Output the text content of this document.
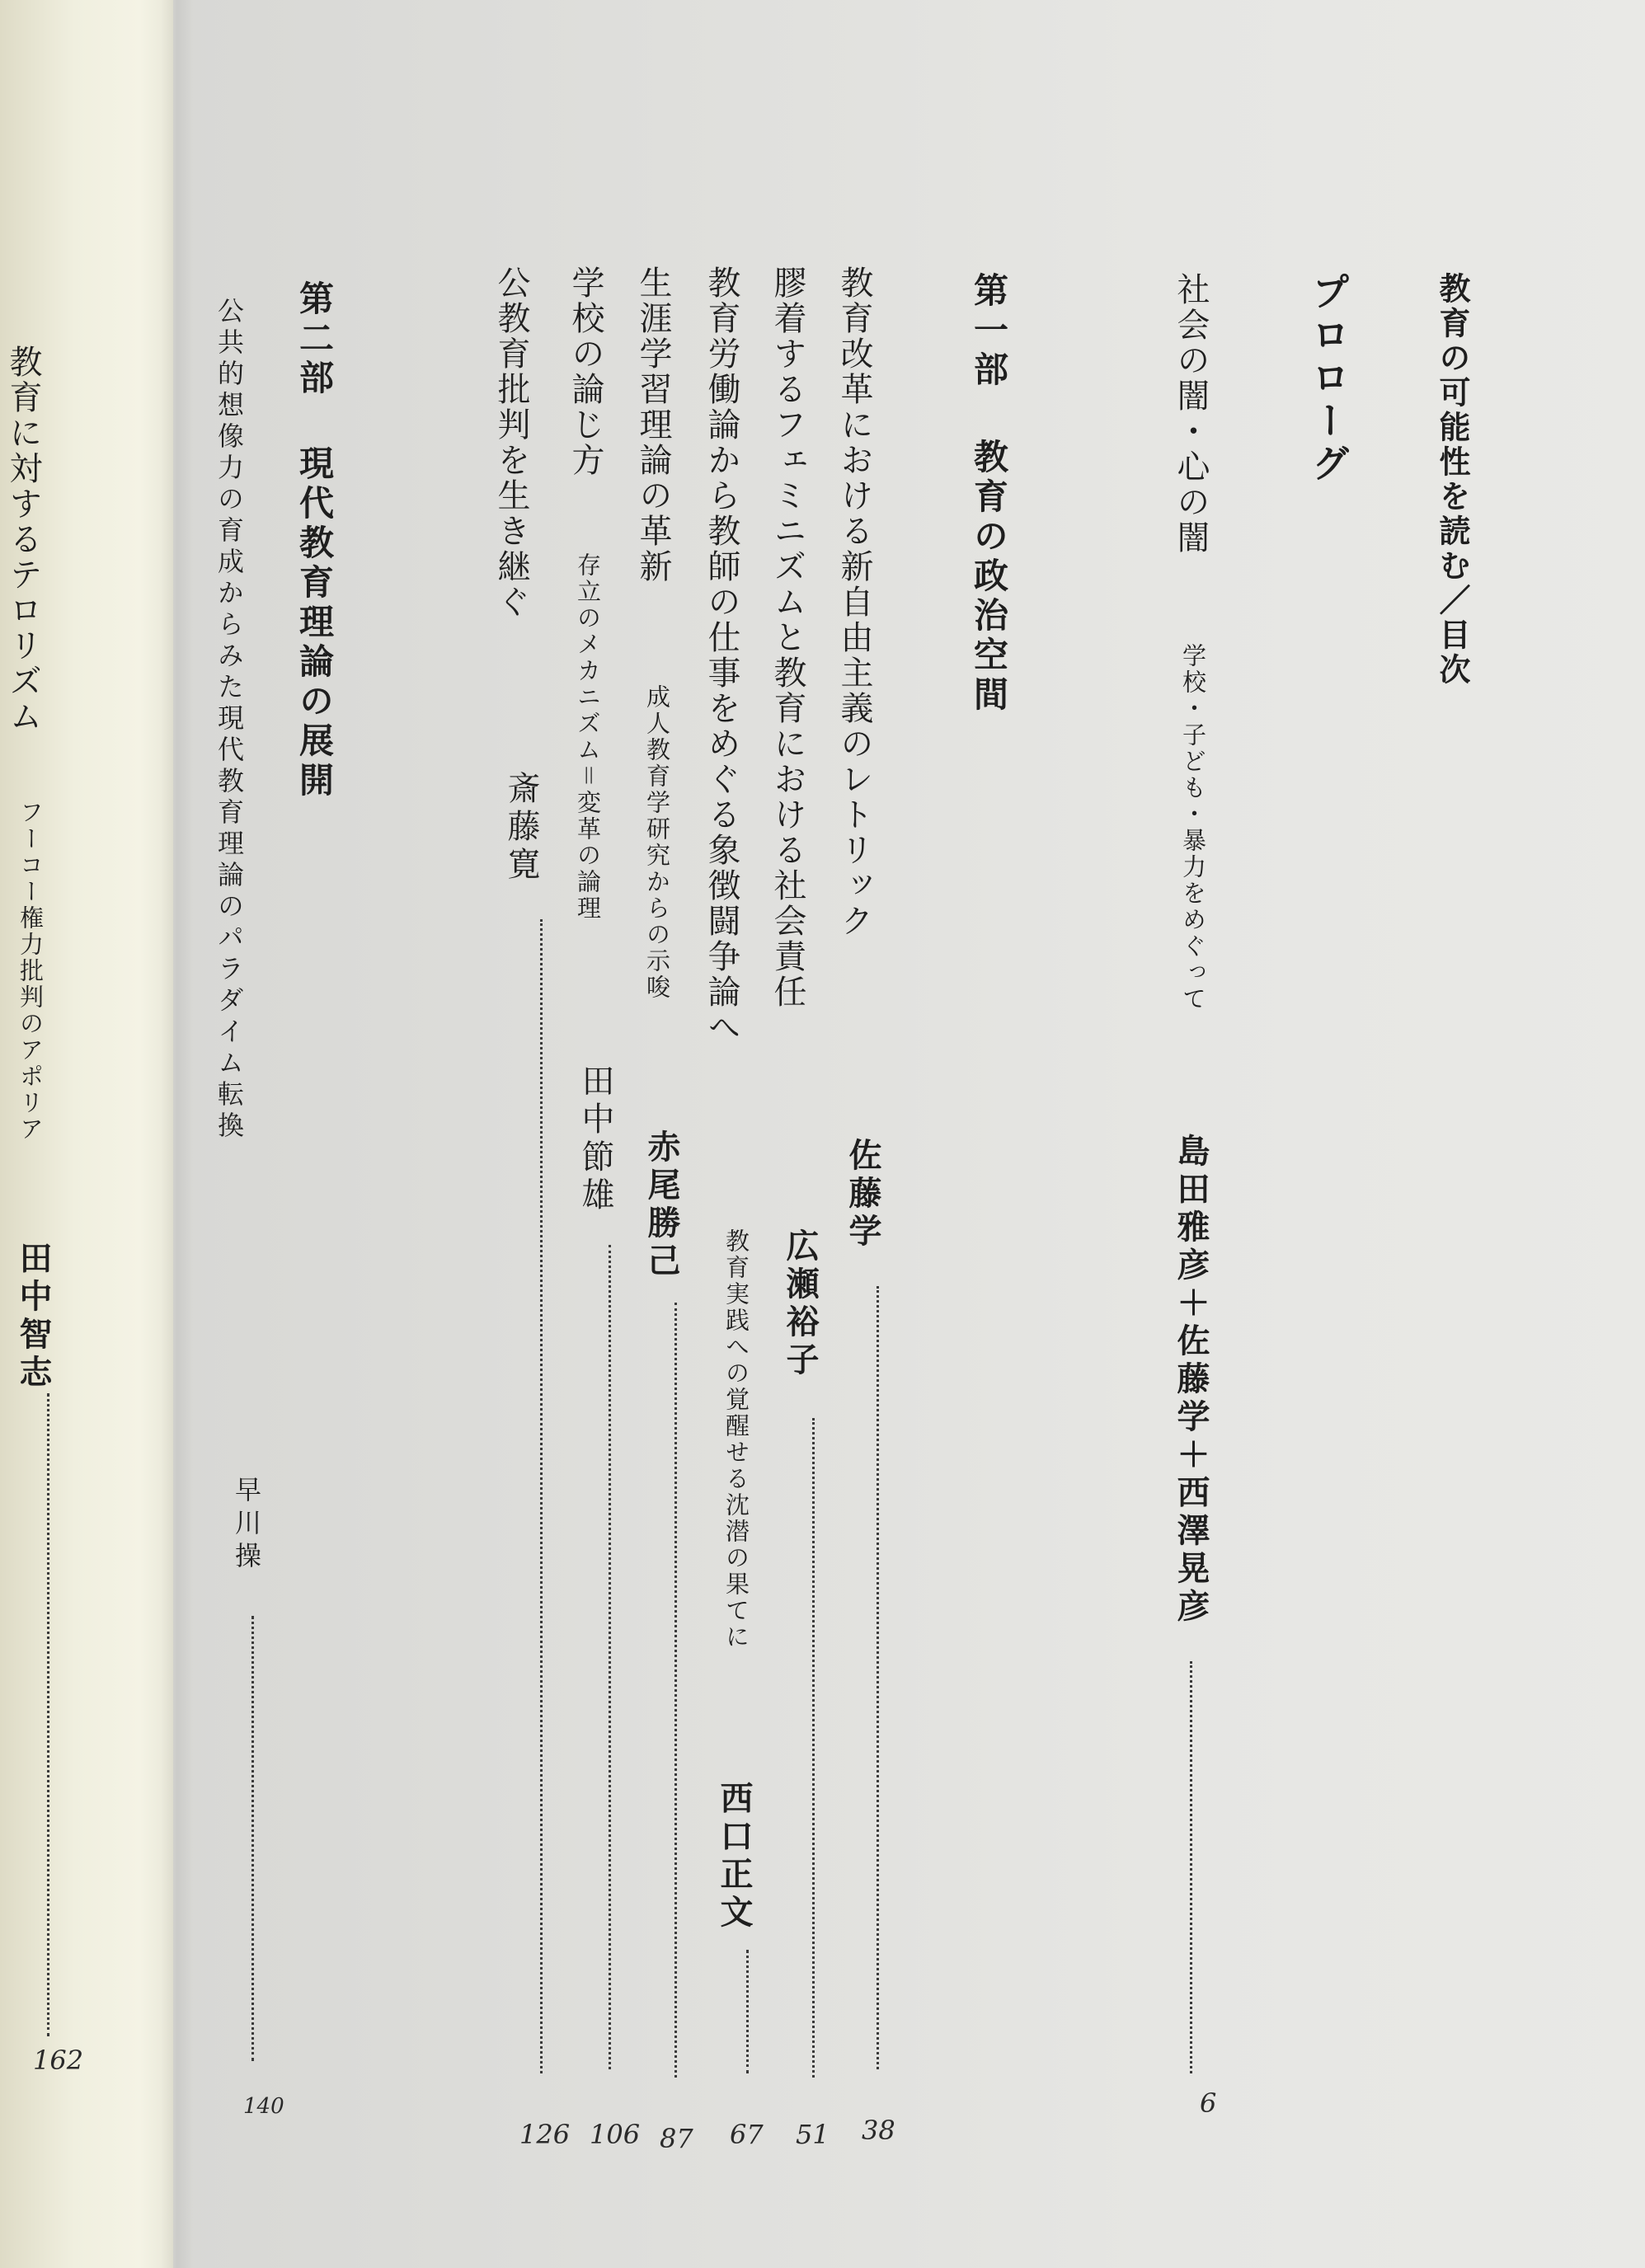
教育の可能性を読む／目次
プロローグ
社会の闇・心の闇
学校・子ども・暴力をめぐって
島田雅彦＋佐藤学＋西澤晃彦
6
第一部
教育の政治空間
教育改革における新自由主義のレトリック
佐藤学
38
膠着するフェミニズムと教育における社会責任
広瀬裕子
51
教育労働論から教師の仕事をめぐる象徴闘争論へ
教育実践への覚醒せる沈潜の果てに
西口正文
67
生涯学習理論の革新
成人教育学研究からの示唆
赤尾勝己
87
学校の論じ方
存立のメカニズム＝変革の論理
田中節雄
106
公教育批判を生き継ぐ
斎藤寛
126
第二部
現代教育理論の展開
公共的想像力の育成からみた現代教育理論のパラダイム転換
早川操
140
教育に対するテロリズム
フーコー権力批判のアポリア
田中智志
162
